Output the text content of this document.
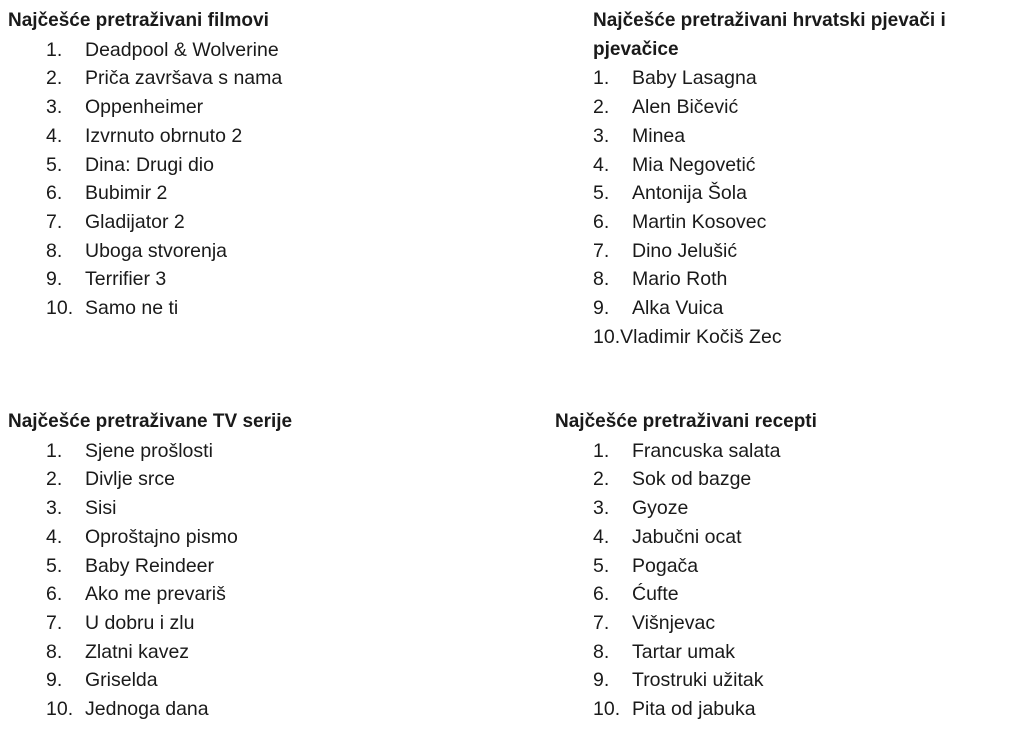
Najčešće pretraživani filmovi
1.	Deadpool & Wolverine
2.	Priča završava s nama
3.	Oppenheimer
4.	Izvrnuto obrnuto 2
5.	Dina: Drugi dio
6.	Bubimir 2
7.	Gladijator 2
8.	Uboga stvorenja
9.	Terrifier 3
10. Samo ne ti
Najčešće pretraživani hrvatski pjevači i pjevačice
1.	Baby Lasagna
2.	Alen Bičević
3.	Minea
4.	Mia Negovetić
5.	Antonija Šola
6.	Martin Kosovec
7.	Dino Jelušić
8.	Mario Roth
9.	Alka Vuica
10. Vladimir Kočiš Zec
Najčešće pretraživane TV serije
1.	Sjene prošlosti
2.	Divlje srce
3.	Sisi
4.	Oproštajno pismo
5.	Baby Reindeer
6.	Ako me prevariš
7.	U dobru i zlu
8.	Zlatni kavez
9.	Griselda
10. Jednoga dana
Najčešće pretraživani recepti
1.	Francuska salata
2.	Sok od bazge
3.	Gyoze
4.	Jabučni ocat
5.	Pogača
6.	Ćufte
7.	Višnjevac
8.	Tartar umak
9.	Trostruki užitak
10. Pita od jabuka
